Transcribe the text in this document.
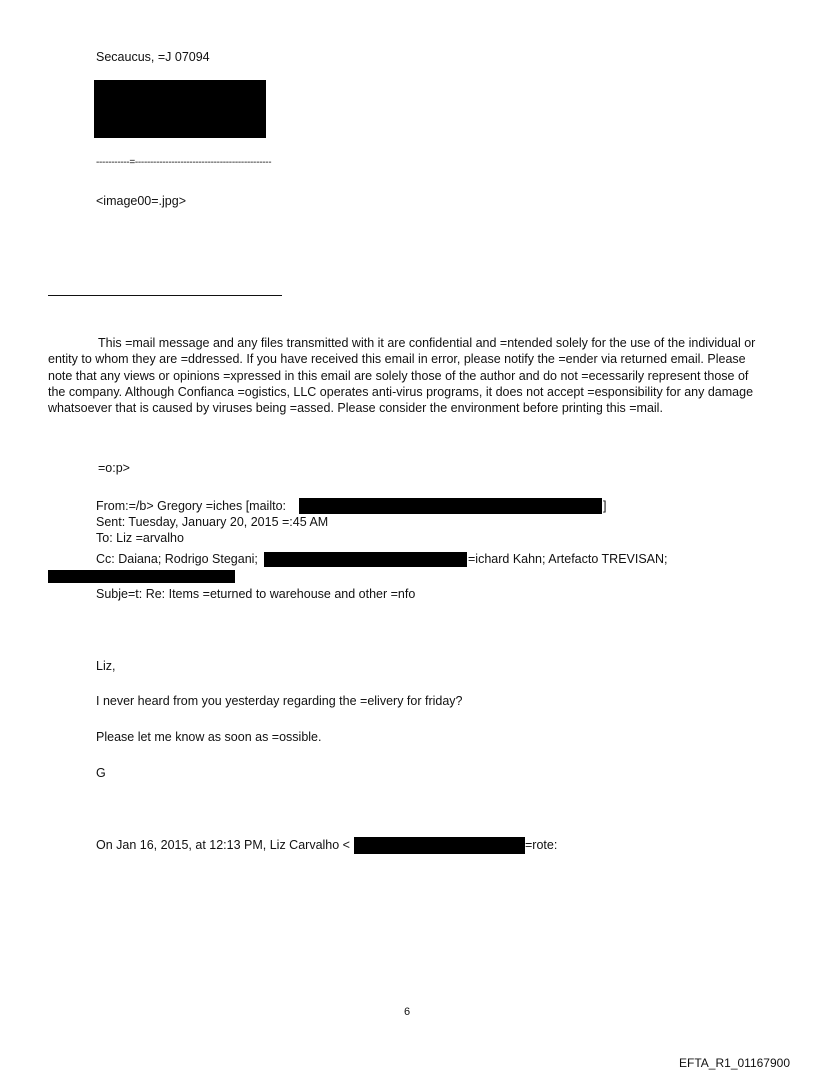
Secaucus, =J 07094

-----------=---------------------------------------------

<image00=.jpg>

This =mail message and any files transmitted with it are confidential and =ntended solely for the use of the individual or entity to whom they are =ddressed. If you have received this email in error, please notify the =ender via returned email. Please note that any views or opinions =xpressed in this email are solely those of the author and do not =ecessarily represent those of the company. Although Confianca =ogistics, LLC operates anti-virus programs, it does not accept =esponsibility for any damage whatsoever that is caused by viruses being =assed. Please consider the environment before printing this =mail.

=o:p>

From:=/b> Gregory =iches [mailto:	]

Sent: Tuesday, January 20, 2015 =:45 AM

To: Liz =arvalho

Cc: Daiana; Rodrigo Stegani;	=ichard Kahn; Artefacto TREVISAN;

Subje=t: Re: Items =eturned to warehouse and other =nfo

Liz,

I never heard from you yesterday regarding the =elivery for friday?

Please let me know as soon as =ossible.

G

On Jan 16, 2015, at 12:13 PM, Liz Carvalho <	=rote:

6

EFTA_R1_01167900
